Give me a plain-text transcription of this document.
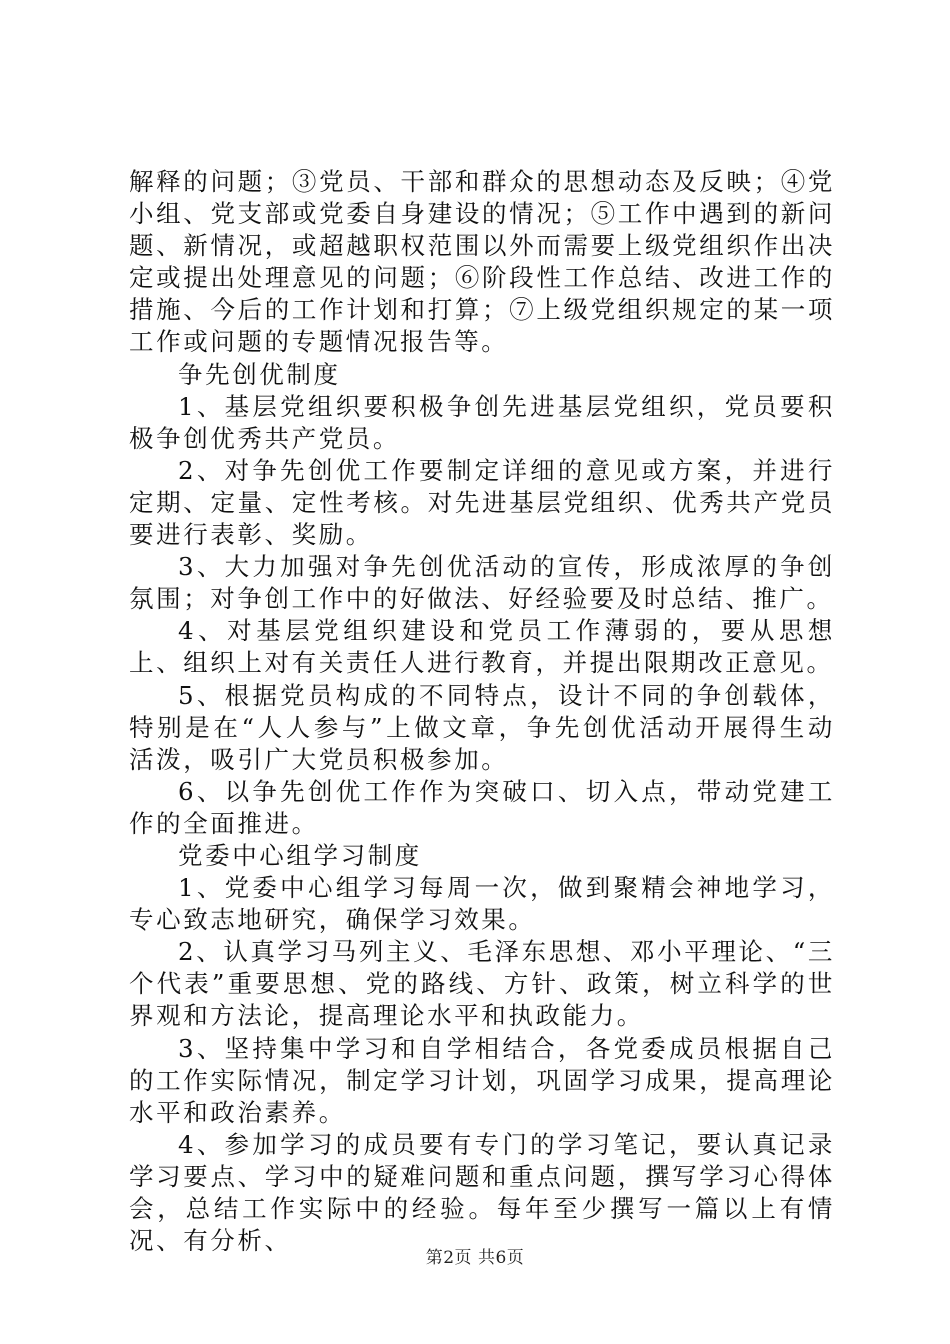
解释的问题；③党员、干部和群众的思想动态及反映；④党小组、党支部或党委自身建设的情况；⑤工作中遇到的新问题、新情况，或超越职权范围以外而需要上级党组织作出决定或提出处理意见的问题；⑥阶段性工作总结、改进工作的措施、今后的工作计划和打算；⑦上级党组织规定的某一项工作或问题的专题情况报告等。

争先创优制度

1、基层党组织要积极争创先进基层党组织，党员要积极争创优秀共产党员。

2、对争先创优工作要制定详细的意见或方案，并进行定期、定量、定性考核。对先进基层党组织、优秀共产党员要进行表彰、奖励。

3、大力加强对争先创优活动的宣传，形成浓厚的争创氛围；对争创工作中的好做法、好经验要及时总结、推广。

4、对基层党组织建设和党员工作薄弱的，要从思想上、组织上对有关责任人进行教育，并提出限期改正意见。

5、根据党员构成的不同特点，设计不同的争创载体，特别是在“人人参与”上做文章，争先创优活动开展得生动活泼，吸引广大党员积极参加。

6、以争先创优工作作为突破口、切入点，带动党建工作的全面推进。

党委中心组学习制度

1、党委中心组学习每周一次，做到聚精会神地学习，专心致志地研究，确保学习效果。

2、认真学习马列主义、毛泽东思想、邓小平理论、“三个代表”重要思想、党的路线、方针、政策，树立科学的世界观和方法论，提高理论水平和执政能力。

3、坚持集中学习和自学相结合，各党委成员根据自己的工作实际情况，制定学习计划，巩固学习成果，提高理论水平和政治素养。

4、参加学习的成员要有专门的学习笔记，要认真记录学习要点、学习中的疑难问题和重点问题，撰写学习心得体会，总结工作实际中的经验。每年至少撰写一篇以上有情况、有分析、

第2页 共6页
